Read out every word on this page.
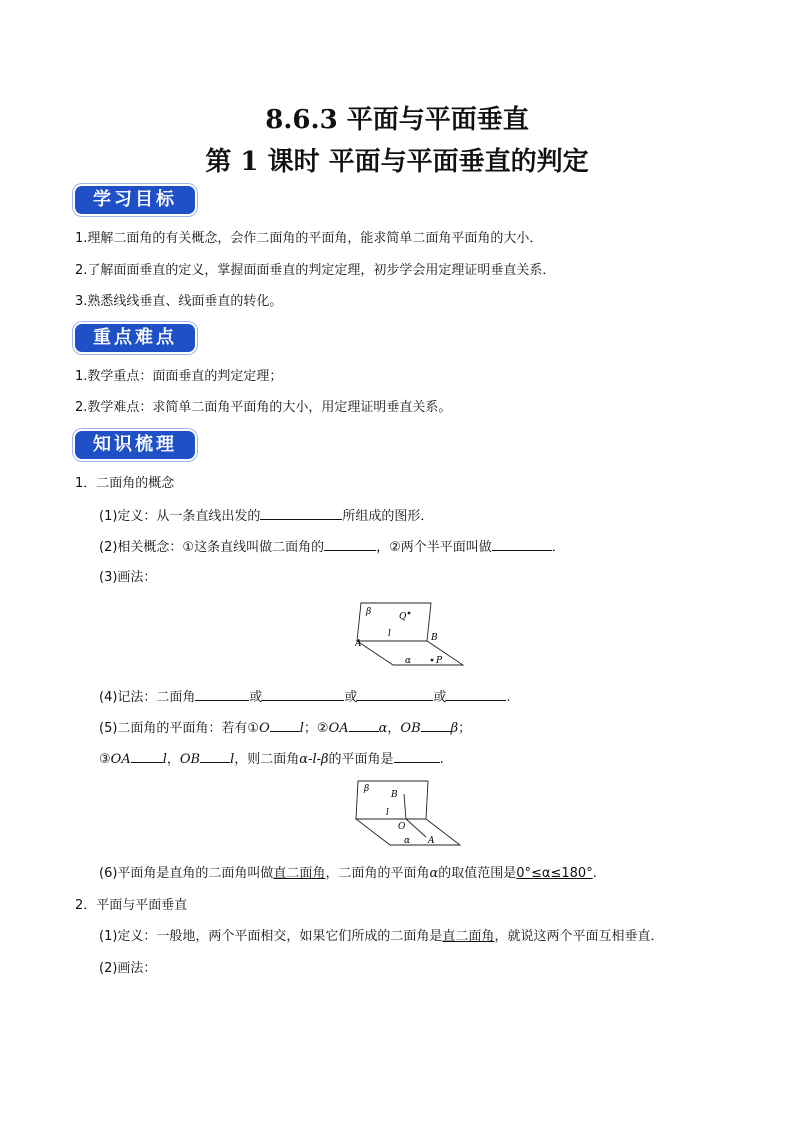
8.6.3 平面与平面垂直
第 1 课时 平面与平面垂直的判定
学习目标
1.理解二面角的有关概念，会作二面角的平面角，能求简单二面角平面角的大小．
2.了解面面垂直的定义，掌握面面垂直的判定定理，初步学会用定理证明垂直关系．
3.熟悉线线垂直、线面垂直的转化。
重点难点
1.教学重点：面面垂直的判定定理；
2.教学难点：求简单二面角平面角的大小，用定理证明垂直关系。
知识梳理
1．二面角的概念
(1)定义：从一条直线出发的	所组成的图形．
(2)相关概念：①这条直线叫做二面角的	，②两个半平面叫做	．
(3)画法：
β	Q
l
A
B
α	P
(4)记法：二面角	或	或	或	.
(5)二面角的平面角：若有①O l；②OA α，OB β；
③OA l，OB l，则二面角α-l-β的平面角是	.
β
B
l
O
α A
(6)平面角是直角的二面角叫做直二面角，二面角的平面角α的取值范围是0°≤α≤180°.
2．平面与平面垂直
(1)定义：一般地，两个平面相交，如果它们所成的二面角是直二面角，就说这两个平面互相垂直．
(2)画法：
